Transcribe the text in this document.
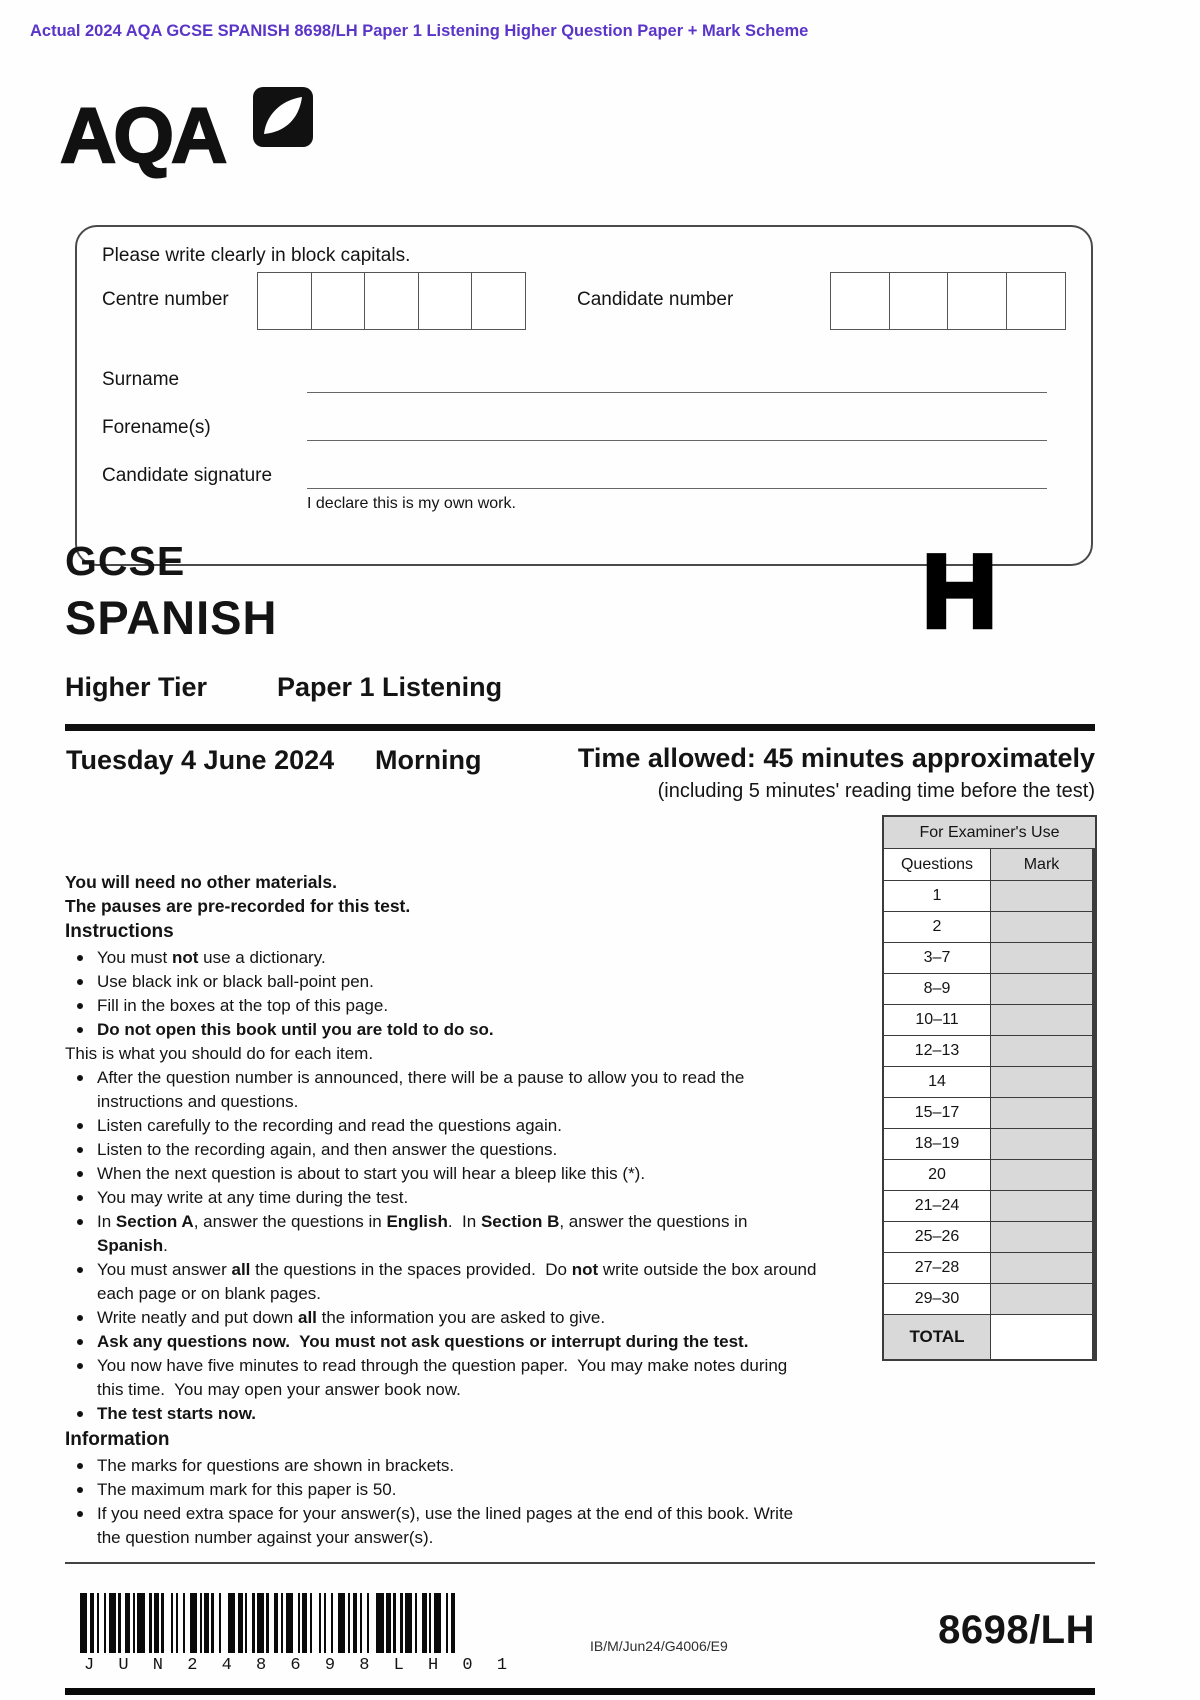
Actual 2024 AQA GCSE SPANISH 8698/LH Paper 1 Listening Higher Question Paper + Mark Scheme
AQA
Please write clearly in block capitals.
Centre number	Candidate number
Surname
Forename(s)
Candidate signature
I declare this is my own work.
GCSE
SPANISH	H
Higher Tier	Paper 1 Listening
Tuesday 4 June 2024 Morning	Time allowed: 45 minutes approximately
(including 5 minutes' reading time before the test)
You will need no other materials.
The pauses are pre-recorded for this test.
Instructions
You must not use a dictionary.
Use black ink or black ball-point pen.
Fill in the boxes at the top of this page.
Do not open this book until you are told to do so.
This is what you should do for each item.
After the question number is announced, there will be a pause to allow you to read the instructions and questions.
Listen carefully to the recording and read the questions again.
Listen to the recording again, and then answer the questions.
When the next question is about to start you will hear a bleep like this (*).
You may write at any time during the test.
In Section A, answer the questions in English.  In Section B, answer the questions in Spanish.
You must answer all the questions in the spaces provided.  Do not write outside the box around each page or on blank pages.
Write neatly and put down all the information you are asked to give.
Ask any questions now.  You must not ask questions or interrupt during the test.
You now have five minutes to read through the question paper.  You may make notes during this time.  You may open your answer book now.
The test starts now.
Information
The marks for questions are shown in brackets.
The maximum mark for this paper is 50.
If you need extra space for your answer(s), use the lined pages at the end of this book. Write the question number against your answer(s).
For Examiner's Use
Questions	Mark
1
2
3–7
8–9
10–11
12–13
14
15–17
18–19
20
21–24
25–26
27–28
29–30
TOTAL
J U N 2 4 8 6 9 8 L H 0 1
IB/M/Jun24/G4006/E9	8698/LH
